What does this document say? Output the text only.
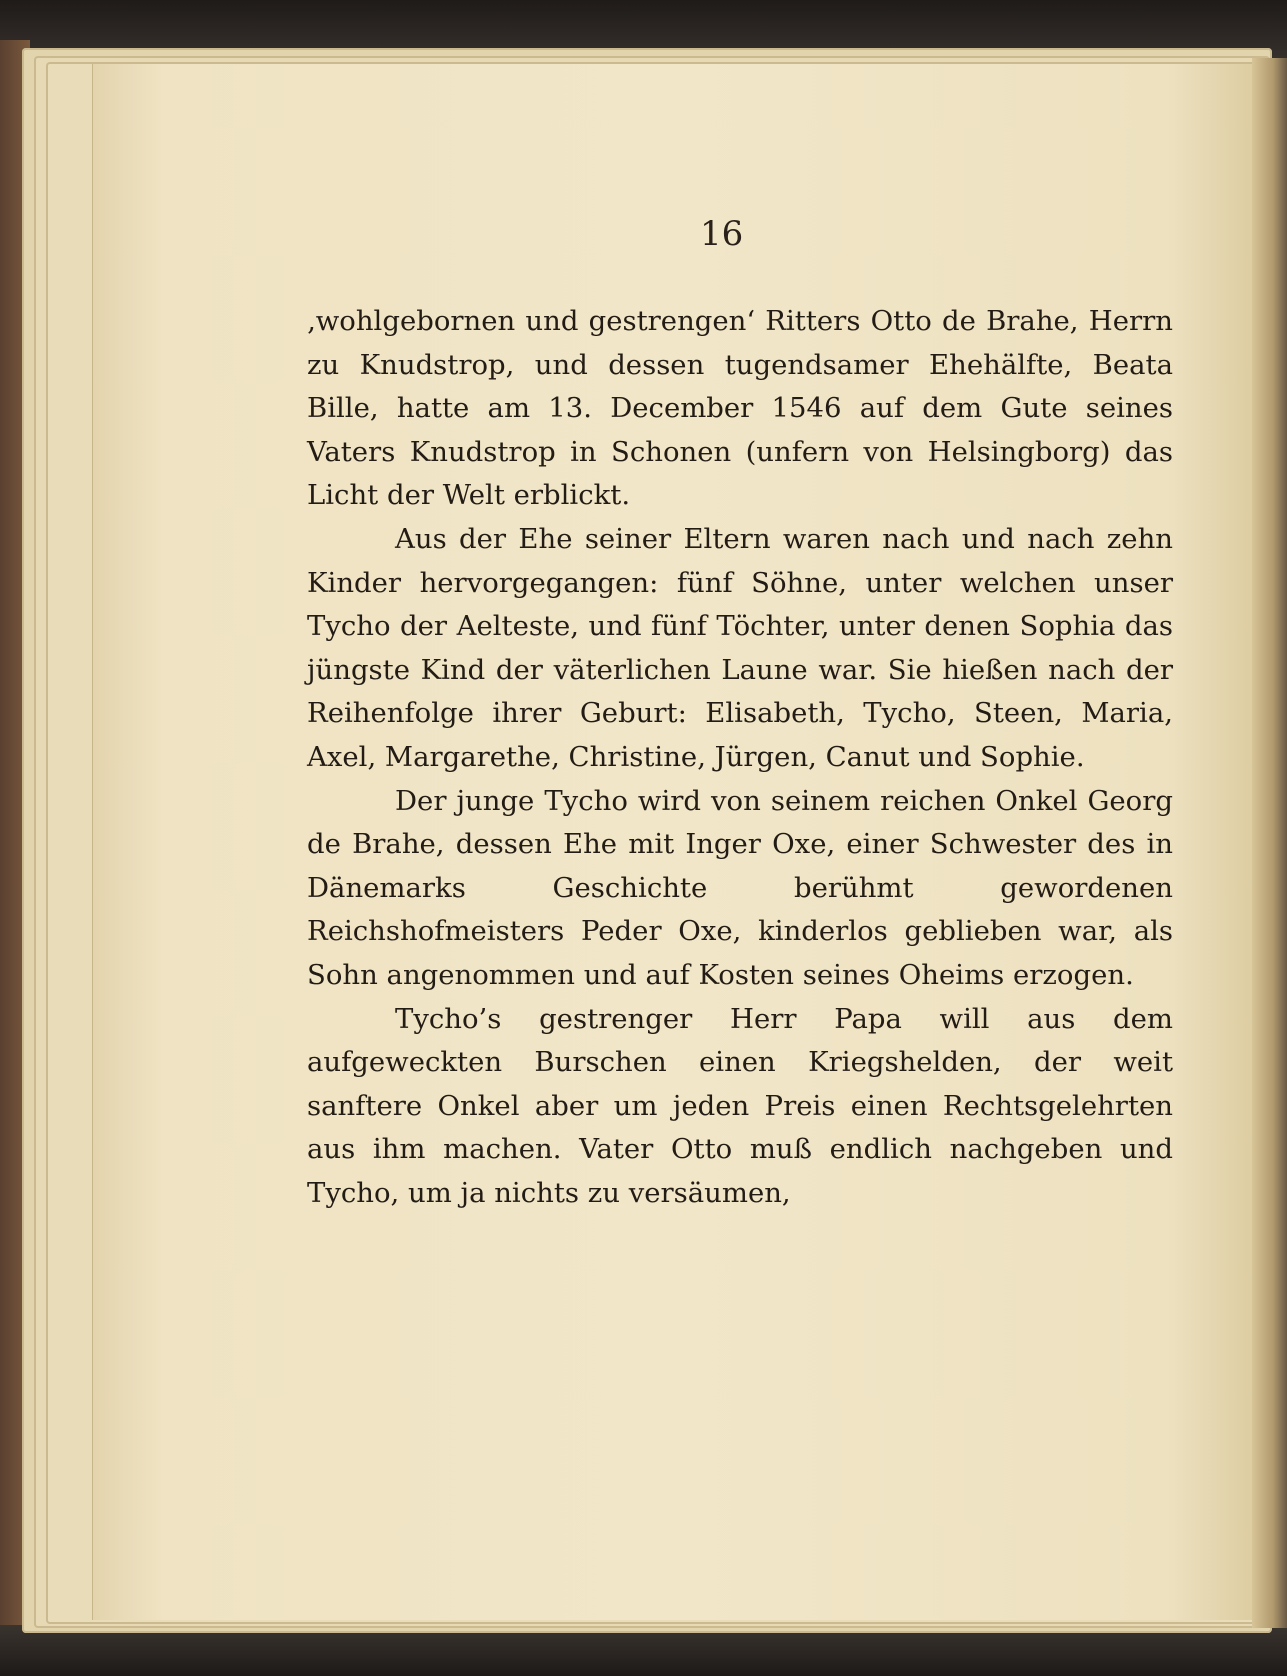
16

‚wohlgebornen und gestrengen‘ Ritters Otto de Brahe, Herrn zu Knudstrop, und dessen tugendsamer Ehehälfte, Beata Bille, hatte am 13. December 1546 auf dem Gute seines Vaters Knudstrop in Schonen (unfern von Helsingborg) das Licht der Welt erblickt.

Aus der Ehe seiner Eltern waren nach und nach zehn Kinder hervorgegangen: fünf Söhne, unter welchen unser Tycho der Aelteste, und fünf Töchter, unter denen Sophia das jüngste Kind der väterlichen Laune war. Sie hießen nach der Reihenfolge ihrer Geburt: Elisabeth, Tycho, Steen, Maria, Axel, Margarethe, Christine, Jürgen, Canut und Sophie.

Der junge Tycho wird von seinem reichen Onkel Georg de Brahe, dessen Ehe mit Inger Oxe, einer Schwester des in Dänemarks Geschichte berühmt gewordenen Reichshofmeisters Peder Oxe, kinderlos geblieben war, als Sohn angenommen und auf Kosten seines Oheims erzogen.

Tycho’s gestrenger Herr Papa will aus dem aufgeweckten Burschen einen Kriegshelden, der weit sanftere Onkel aber um jeden Preis einen Rechtsgelehrten aus ihm machen. Vater Otto muß endlich nachgeben und Tycho, um ja nichts zu versäumen,
